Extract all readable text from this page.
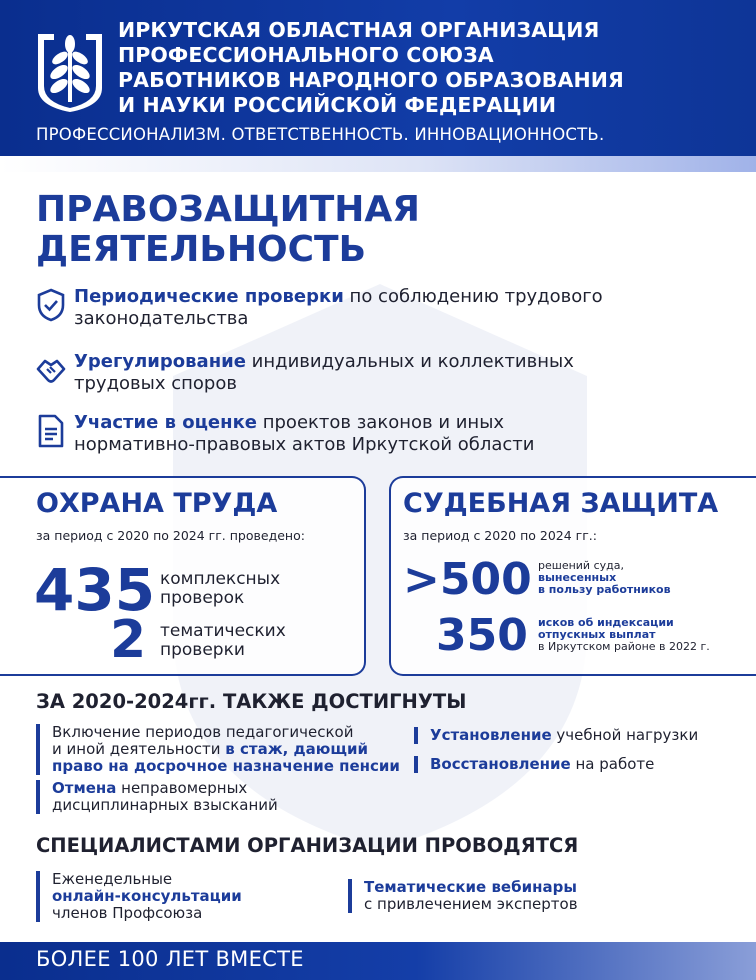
ИРКУТСКАЯ ОБЛАСТНАЯ ОРГАНИЗАЦИЯ
ПРОФЕССИОНАЛЬНОГО СОЮЗА
РАБОТНИКОВ НАРОДНОГО ОБРАЗОВАНИЯ
И НАУКИ РОССИЙСКОЙ ФЕДЕРАЦИИ
ПРОФЕССИОНАЛИЗМ. ОТВЕТСТВЕННОСТЬ. ИННОВАЦИОННОСТЬ.
ПРАВОЗАЩИТНАЯ
ДЕЯТЕЛЬНОСТЬ
Периодические проверки по соблюдению трудового
законодательства
Урегулирование индивидуальных и коллективных
трудовых споров
Участие в оценке проектов законов и иных
нормативно-правовых актов Иркутской области
ОХРАНА ТРУДА
за период с 2020 по 2024 гг. проведено:
435 комплексных
проверок
2 тематических
проверки
СУДЕБНАЯ ЗАЩИТА
за период с 2020 по 2024 гг.:
>500 решений суда,
вынесенных
в пользу работников
350 исков об индексации
отпускных выплат
в Иркутском районе в 2022 г.
ЗА 2020-2024гг. ТАКЖЕ ДОСТИГНУТЫ
Включение периодов педагогической
и иной деятельности в стаж, дающий
право на досрочное назначение пенсии
Отмена неправомерных
дисциплинарных взысканий
Установление учебной нагрузки
Восстановление на работе
СПЕЦИАЛИСТАМИ ОРГАНИЗАЦИИ ПРОВОДЯТСЯ
Еженедельные
онлайн-консультации
членов Профсоюза
Тематические вебинары
с привлечением экспертов
БОЛЕЕ 100 ЛЕТ ВМЕСТЕ
